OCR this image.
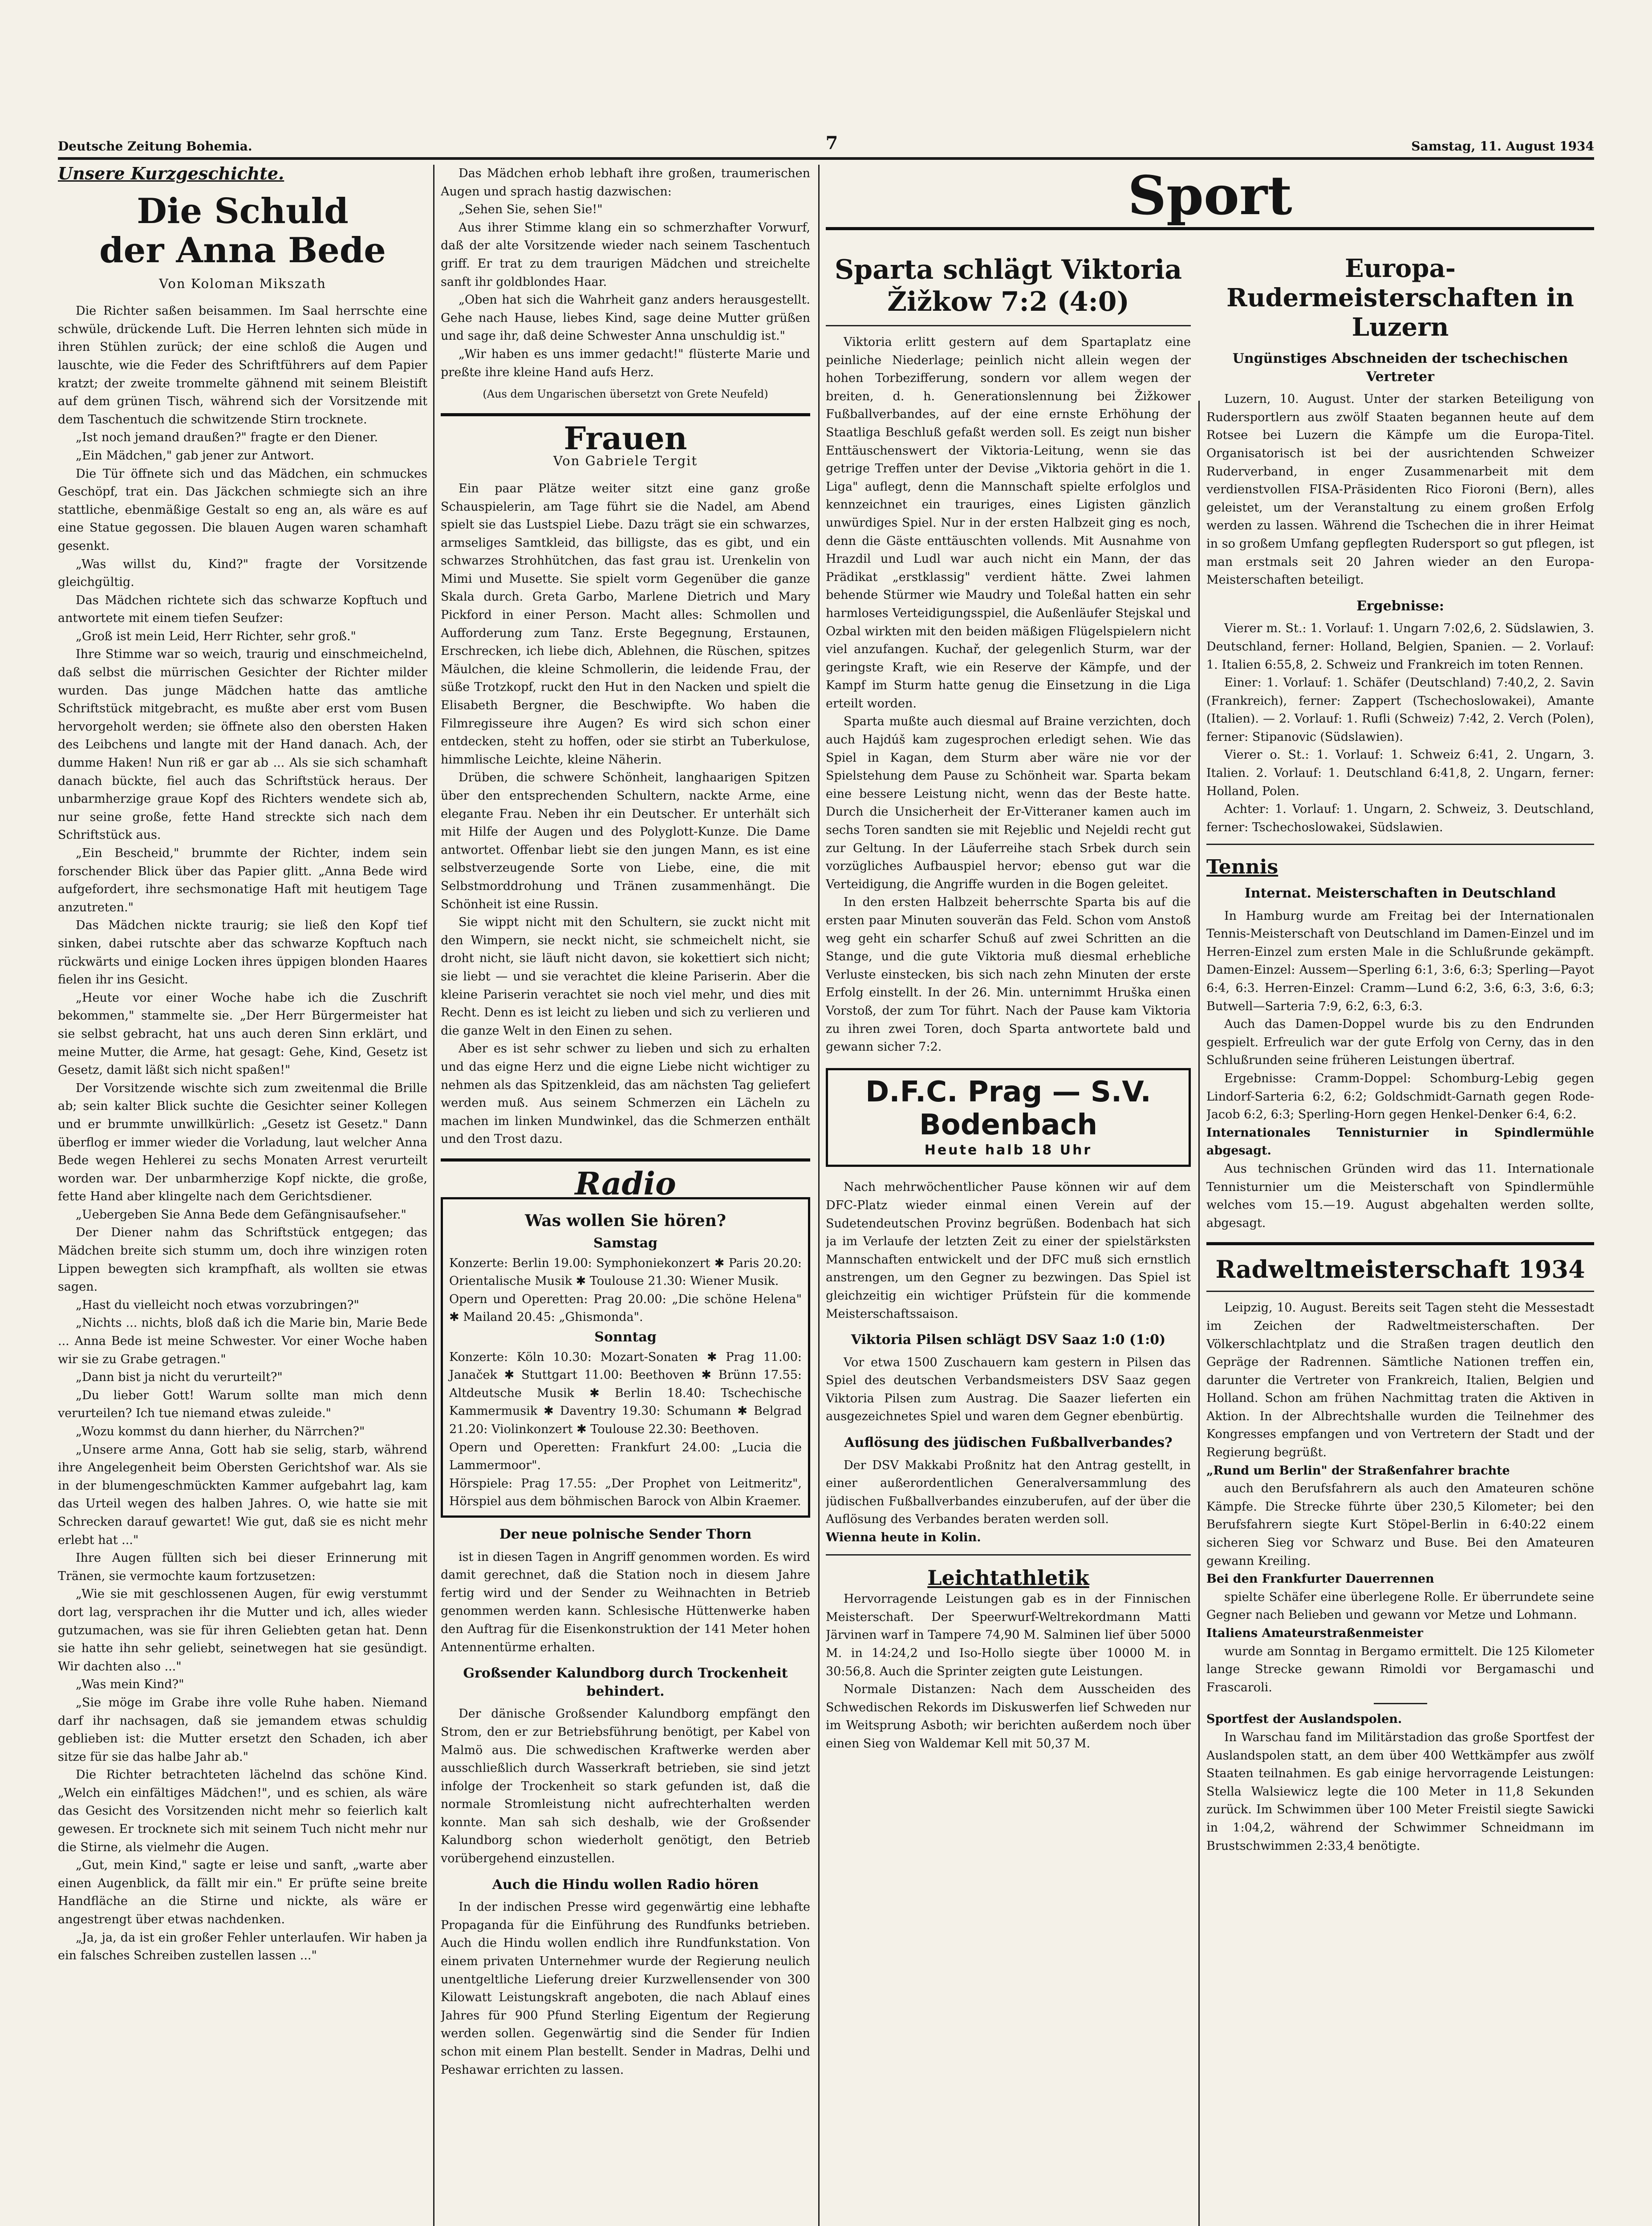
Deutsche Zeitung Bohemia.	7	Samstag, 11. August 1934
Unsere Kurzgeschichte.
Die Schuld
der Anna Bede
Von Koloman Mikszath

Die Richter saßen beisammen. Im Saal herrschte eine schwüle, drückende Luft. Die Herren lehnten sich müde in ihren Stühlen zurück; der eine schloß die Augen und lauschte, wie die Feder des Schriftführers auf dem Papier kratzt; der zweite trommelte gähnend mit seinem Bleistift auf dem grünen Tisch, während sich der Vorsitzende mit dem Taschentuch die schwitzende Stirn trocknete.

„Ist noch jemand draußen?" fragte er den Diener.

„Ein Mädchen," gab jener zur Antwort.

Die Tür öffnete sich und das Mädchen, ein schmuckes Geschöpf, trat ein. Das Jäckchen schmiegte sich an ihre stattliche, ebenmäßige Gestalt so eng an, als wäre es auf eine Statue gegossen. Die blauen Augen waren schamhaft gesenkt.

„Was willst du, Kind?" fragte der Vorsitzende gleichgültig.

Das Mädchen richtete sich das schwarze Kopftuch und antwortete mit einem tiefen Seufzer:

„Groß ist mein Leid, Herr Richter, sehr groß."

Ihre Stimme war so weich, traurig und einschmeichelnd, daß selbst die mürrischen Gesichter der Richter milder wurden. Das junge Mädchen hatte das amtliche Schriftstück mitgebracht, es mußte aber erst vom Busen hervorgeholt werden; sie öffnete also den obersten Haken des Leibchens und langte mit der Hand danach. Ach, der dumme Haken! Nun riß er gar ab ... Als sie sich schamhaft danach bückte, fiel auch das Schriftstück heraus. Der unbarmherzige graue Kopf des Richters wendete sich ab, nur seine große, fette Hand streckte sich nach dem Schriftstück aus.

„Ein Bescheid," brummte der Richter, indem sein forschender Blick über das Papier glitt. „Anna Bede wird aufgefordert, ihre sechsmonatige Haft mit heutigem Tage anzutreten."

Das Mädchen nickte traurig; sie ließ den Kopf tief sinken, dabei rutschte aber das schwarze Kopftuch nach rückwärts und einige Locken ihres üppigen blonden Haares fielen ihr ins Gesicht.

„Heute vor einer Woche habe ich die Zuschrift bekommen," stammelte sie. „Der Herr Bürgermeister hat sie selbst gebracht, hat uns auch deren Sinn erklärt, und meine Mutter, die Arme, hat gesagt: Gehe, Kind, Gesetz ist Gesetz, damit läßt sich nicht spaßen!"

Der Vorsitzende wischte sich zum zweitenmal die Brille ab; sein kalter Blick suchte die Gesichter seiner Kollegen und er brummte unwillkürlich: „Gesetz ist Gesetz." Dann überflog er immer wieder die Vorladung, laut welcher Anna Bede wegen Hehlerei zu sechs Monaten Arrest verurteilt worden war. Der unbarmherzige Kopf nickte, die große, fette Hand aber klingelte nach dem Gerichtsdiener.

„Uebergeben Sie Anna Bede dem Gefängnisaufseher."

Der Diener nahm das Schriftstück entgegen; das Mädchen breite sich stumm um, doch ihre winzigen roten Lippen bewegten sich krampfhaft, als wollten sie etwas sagen.

„Hast du vielleicht noch etwas vorzubringen?"

„Nichts ... nichts, bloß daß ich die Marie bin, Marie Bede ... Anna Bede ist meine Schwester. Vor einer Woche haben wir sie zu Grabe getragen."

„Dann bist ja nicht du verurteilt?"

„Du lieber Gott! Warum sollte man mich denn verurteilen? Ich tue niemand etwas zuleide."

„Wozu kommst du dann hierher, du Närrchen?"

„Unsere arme Anna, Gott hab sie selig, starb, während ihre Angelegenheit beim Obersten Gerichtshof war. Als sie in der blumengeschmückten Kammer aufgebahrt lag, kam das Urteil wegen des halben Jahres. O, wie hatte sie mit Schrecken darauf gewartet! Wie gut, daß sie es nicht mehr erlebt hat ..."

Ihre Augen füllten sich bei dieser Erinnerung mit Tränen, sie vermochte kaum fortzusetzen:

„Wie sie mit geschlossenen Augen, für ewig verstummt dort lag, versprachen ihr die Mutter und ich, alles wieder gutzumachen, was sie für ihren Geliebten getan hat. Denn sie hatte ihn sehr geliebt, seinetwegen hat sie gesündigt. Wir dachten also ..."

„Was mein Kind?"

„Sie möge im Grabe ihre volle Ruhe haben. Niemand darf ihr nachsagen, daß sie jemandem etwas schuldig geblieben ist: die Mutter ersetzt den Schaden, ich aber sitze für sie das halbe Jahr ab."

Die Richter betrachteten lächelnd das schöne Kind. „Welch ein einfältiges Mädchen!", und es schien, als wäre das Gesicht des Vorsitzenden nicht mehr so feierlich kalt gewesen. Er trocknete sich mit seinem Tuch nicht mehr nur die Stirne, als vielmehr die Augen.

„Gut, mein Kind," sagte er leise und sanft, „warte aber einen Augenblick, da fällt mir ein." Er prüfte seine breite Handfläche an die Stirne und nickte, als wäre er angestrengt über etwas nachdenken.

„Ja, ja, da ist ein großer Fehler unterlaufen. Wir haben ja ein falsches Schreiben zustellen lassen ..."

Das Mädchen erhob lebhaft ihre großen, traumerischen Augen und sprach hastig dazwischen:

„Sehen Sie, sehen Sie!"

Aus ihrer Stimme klang ein so schmerzhafter Vorwurf, daß der alte Vorsitzende wieder nach seinem Taschentuch griff. Er trat zu dem traurigen Mädchen und streichelte sanft ihr goldblondes Haar.

„Oben hat sich die Wahrheit ganz anders herausgestellt. Gehe nach Hause, liebes Kind, sage deine Mutter grüßen und sage ihr, daß deine Schwester Anna unschuldig ist."

„Wir haben es uns immer gedacht!" flüsterte Marie und preßte ihre kleine Hand aufs Herz.

(Aus dem Ungarischen übersetzt von Grete Neufeld)
Frauen
Von Gabriele Tergit

Ein paar Plätze weiter sitzt eine ganz große Schauspielerin, am Tage führt sie die Nadel, am Abend spielt sie das Lustspiel Liebe. Dazu trägt sie ein schwarzes, armseliges Samtkleid, das billigste, das es gibt, und ein schwarzes Strohhütchen, das fast grau ist. Urenkelin von Mimi und Musette. Sie spielt vorm Gegenüber die ganze Skala durch. Greta Garbo, Marlene Dietrich und Mary Pickford in einer Person. Macht alles: Schmollen und Aufforderung zum Tanz. Erste Begegnung, Erstaunen, Erschrecken, ich liebe dich, Ablehnen, die Rüschen, spitzes Mäulchen, die kleine Schmollerin, die leidende Frau, der süße Trotzkopf, ruckt den Hut in den Nacken und spielt die Elisabeth Bergner, die Beschwipfte. Wo haben die Filmregisseure ihre Augen? Es wird sich schon einer entdecken, steht zu hoffen, oder sie stirbt an Tuberkulose, himmlische Leichte, kleine Näherin.

Drüben, die schwere Schönheit, langhaarigen Spitzen über den entsprechenden Schultern, nackte Arme, eine elegante Frau. Neben ihr ein Deutscher. Er unterhält sich mit Hilfe der Augen und des Polyglott-Kunze. Die Dame antwortet. Offenbar liebt sie den jungen Mann, es ist eine selbstverzeugende Sorte von Liebe, eine, die mit Selbstmorddrohung und Tränen zusammenhängt. Die Schönheit ist eine Russin.

Sie wippt nicht mit den Schultern, sie zuckt nicht mit den Wimpern, sie neckt nicht, sie schmeichelt nicht, sie droht nicht, sie läuft nicht davon, sie kokettiert sich nicht; sie liebt — und sie verachtet die kleine Pariserin. Aber die kleine Pariserin verachtet sie noch viel mehr, und dies mit Recht. Denn es ist leicht zu lieben und sich zu verlieren und die ganze Welt in den Einen zu sehen.

Aber es ist sehr schwer zu lieben und sich zu erhalten und das eigne Herz und die eigne Liebe nicht wichtiger zu nehmen als das Spitzenkleid, das am nächsten Tag geliefert werden muß. Aus seinem Schmerzen ein Lächeln zu machen im linken Mundwinkel, das die Schmerzen enthält und den Trost dazu.

Radio
Was wollen Sie hören?
Samstag

Konzerte: Berlin 19.00: Symphoniekonzert ✱ Paris 20.20: Orientalische Musik ✱ Toulouse 21.30: Wiener Musik.

Opern und Operetten: Prag 20.00: „Die schöne Helena" ✱ Mailand 20.45: „Ghismonda".

Sonntag

Konzerte: Köln 10.30: Mozart-Sonaten ✱ Prag 11.00: Janaček ✱ Stuttgart 11.00: Beethoven ✱ Brünn 17.55: Altdeutsche Musik ✱ Berlin 18.40: Tschechische Kammermusik ✱ Daventry 19.30: Schumann ✱ Belgrad 21.20: Violinkonzert ✱ Toulouse 22.30: Beethoven.

Opern und Operetten: Frankfurt 24.00: „Lucia die Lammermoor".

Hörspiele: Prag 17.55: „Der Prophet von Leitmeritz", Hörspiel aus dem böhmischen Barock von Albin Kraemer.

Der neue polnische Sender Thorn

ist in diesen Tagen in Angriff genommen worden. Es wird damit gerechnet, daß die Station noch in diesem Jahre fertig wird und der Sender zu Weihnachten in Betrieb genommen werden kann. Schlesische Hüttenwerke haben den Auftrag für die Eisenkonstruktion der 141 Meter hohen Antennentürme erhalten.

Großsender Kalundborg durch Trockenheit behindert.

Der dänische Großsender Kalundborg empfängt den Strom, den er zur Betriebsführung benötigt, per Kabel von Malmö aus. Die schwedischen Kraftwerke werden aber ausschließlich durch Wasserkraft betrieben, sie sind jetzt infolge der Trockenheit so stark gefunden ist, daß die normale Stromleistung nicht aufrechterhalten werden konnte. Man sah sich deshalb, wie der Großsender Kalundborg schon wiederholt genötigt, den Betrieb vorübergehend einzustellen.

Auch die Hindu wollen Radio hören

In der indischen Presse wird gegenwärtig eine lebhafte Propaganda für die Einführung des Rundfunks betrieben. Auch die Hindu wollen endlich ihre Rundfunkstation. Von einem privaten Unternehmer wurde der Regierung neulich unentgeltliche Lieferung dreier Kurzwellensender von 300 Kilowatt Leistungskraft angeboten, die nach Ablauf eines Jahres für 900 Pfund Sterling Eigentum der Regierung werden sollen. Gegenwärtig sind die Sender für Indien schon mit einem Plan bestellt. Sender in Madras, Delhi und Peshawar errichten zu lassen.

Sport
Sparta schlägt Viktoria Žižkow 7:2 (4:0)

Viktoria erlitt gestern auf dem Spartaplatz eine peinliche Niederlage; peinlich nicht allein wegen der hohen Torbezifferung, sondern vor allem wegen der breiten, d. h. Generationslennung bei Žižkower Fußballverbandes, auf der eine ernste Erhöhung der Staatliga Beschluß gefaßt werden soll. Es zeigt nun bisher Enttäuschenswert der Viktoria-Leitung, wenn sie das getrige Treffen unter der Devise „Viktoria gehört in die 1. Liga" auflegt, denn die Mannschaft spielte erfolglos und kennzeichnet ein trauriges, eines Ligisten gänzlich unwürdiges Spiel. Nur in der ersten Halbzeit ging es noch, denn die Gäste enttäuschten vollends. Mit Ausnahme von Hrazdil und Ludl war auch nicht ein Mann, der das Prädikat „erstklassig" verdient hätte. Zwei lahmen behende Stürmer wie Maudry und Toleßal hatten ein sehr harmloses Verteidigungsspiel, die Außenläufer Stejskal und Ozbal wirkten mit den beiden mäßigen Flügelspielern nicht viel anzufangen. Kuchař, der gelegenlich Sturm, war der geringste Kraft, wie ein Reserve der Kämpfe, und der Kampf im Sturm hatte genug die Einsetzung in die Liga erteilt worden.

Sparta mußte auch diesmal auf Braine verzichten, doch auch Hajdúš kam zugesprochen erledigt sehen. Wie das Spiel in Kagan, dem Sturm aber wäre nie vor der Spielstehung dem Pause zu Schönheit war. Sparta bekam eine bessere Leistung nicht, wenn das der Beste hatte. Durch die Unsicherheit der Er-Vitteraner kamen auch im sechs Toren sandten sie mit Rejeblic und Nejeldi recht gut zur Geltung. In der Läuferreihe stach Srbek durch sein vorzügliches Aufbauspiel hervor; ebenso gut war die Verteidigung, die Angriffe wurden in die Bogen geleitet.

In den ersten Halbzeit beherrschte Sparta bis auf die ersten paar Minuten souverän das Feld. Schon vom Anstoß weg geht ein scharfer Schuß auf zwei Schritten an die Stange, und die gute Viktoria muß diesmal erhebliche Verluste einstecken, bis sich nach zehn Minuten der erste Erfolg einstellt. In der 26. Min. unternimmt Hruška einen Vorstoß, der zum Tor führt. Nach der Pause kam Viktoria zu ihren zwei Toren, doch Sparta antwortete bald und gewann sicher 7:2.

D.F.C. Prag — S.V. Bodenbach
Heute halb 18 Uhr

Nach mehrwöchentlicher Pause können wir auf dem DFC-Platz wieder einmal einen Verein auf der Sudetendeutschen Provinz begrüßen. Bodenbach hat sich ja im Verlaufe der letzten Zeit zu einer der spielstärksten Mannschaften entwickelt und der DFC muß sich ernstlich anstrengen, um den Gegner zu bezwingen. Das Spiel ist gleichzeitig ein wichtiger Prüfstein für die kommende Meisterschaftssaison.

Viktoria Pilsen schlägt DSV Saaz 1:0 (1:0)

Vor etwa 1500 Zuschauern kam gestern in Pilsen das Spiel des deutschen Verbandsmeisters DSV Saaz gegen Viktoria Pilsen zum Austrag. Die Saazer lieferten ein ausgezeichnetes Spiel und waren dem Gegner ebenbürtig.

Auflösung des jüdischen Fußballverbandes?

Der DSV Makkabi Proßnitz hat den Antrag gestellt, in einer außerordentlichen Generalversammlung des jüdischen Fußballverbandes einzuberufen, auf der über die Auflösung des Verbandes beraten werden soll.

Wienna heute in Kolin.

Leichtathletik

Hervorragende Leistungen gab es in der Finnischen Meisterschaft. Der Speerwurf-Weltrekordmann Matti Järvinen warf in Tampere 74,90 M. Salminen lief über 5000 M. in 14:24,2 und Iso-Hollo siegte über 10000 M. in 30:56,8. Auch die Sprinter zeigten gute Leistungen.

Normale Distanzen: Nach dem Ausscheiden des Schwedischen Rekords im Diskuswerfen lief Schweden nur im Weitsprung Asboth; wir berichten außerdem noch über einen Sieg von Waldemar Kell mit 50,37 M.

Europa-Rudermeisterschaften in Luzern
Ungünstiges Abschneiden der tschechischen Vertreter

Luzern, 10. August. Unter der starken Beteiligung von Rudersportlern aus zwölf Staaten begannen heute auf dem Rotsee bei Luzern die Kämpfe um die Europa-Titel. Organisatorisch ist bei der ausrichtenden Schweizer Ruderverband, in enger Zusammenarbeit mit dem verdienstvollen FISA-Präsidenten Rico Fioroni (Bern), alles geleistet, um der Veranstaltung zu einem großen Erfolg werden zu lassen. Während die Tschechen die in ihrer Heimat in so großem Umfang gepflegten Rudersport so gut pflegen, ist man erstmals seit 20 Jahren wieder an den Europa-Meisterschaften beteiligt.

Ergebnisse:

Vierer m. St.: 1. Vorlauf: 1. Ungarn 7:02,6, 2. Südslawien, 3. Deutschland, ferner: Holland, Belgien, Spanien. — 2. Vorlauf: 1. Italien 6:55,8, 2. Schweiz und Frankreich im toten Rennen.

Einer: 1. Vorlauf: 1. Schäfer (Deutschland) 7:40,2, 2. Savin (Frankreich), ferner: Zappert (Tschechoslowakei), Amante (Italien). — 2. Vorlauf: 1. Rufli (Schweiz) 7:42, 2. Verch (Polen), ferner: Stipanovic (Südslawien).

Vierer o. St.: 1. Vorlauf: 1. Schweiz 6:41, 2. Ungarn, 3. Italien. 2. Vorlauf: 1. Deutschland 6:41,8, 2. Ungarn, ferner: Holland, Polen.

Achter: 1. Vorlauf: 1. Ungarn, 2. Schweiz, 3. Deutschland, ferner: Tschechoslowakei, Südslawien.

Tennis
Internat. Meisterschaften in Deutschland

In Hamburg wurde am Freitag bei der Internationalen Tennis-Meisterschaft von Deutschland im Damen-Einzel und im Herren-Einzel zum ersten Male in die Schlußrunde gekämpft. Damen-Einzel: Aussem—Sperling 6:1, 3:6, 6:3; Sperling—Payot 6:4, 6:3. Herren-Einzel: Cramm—Lund 6:2, 3:6, 6:3, 3:6, 6:3; Butwell—Sarteria 7:9, 6:2, 6:3, 6:3.

Auch das Damen-Doppel wurde bis zu den Endrunden gespielt. Erfreulich war der gute Erfolg von Cerny, das in den Schlußrunden seine früheren Leistungen übertraf.

Ergebnisse: Cramm-Doppel: Schomburg-Lebig gegen Lindorf-Sarteria 6:2, 6:2; Goldschmidt-Garnath gegen Rode-Jacob 6:2, 6:3; Sperling-Horn gegen Henkel-Denker 6:4, 6:2.

Internationales Tennisturnier in Spindlermühle abgesagt.

Aus technischen Gründen wird das 11. Internationale Tennisturnier um die Meisterschaft von Spindlermühle welches vom 15.—19. August abgehalten werden sollte, abgesagt.

Radweltmeisterschaft 1934

Leipzig, 10. August. Bereits seit Tagen steht die Messestadt im Zeichen der Radweltmeisterschaften. Der Völkerschlachtplatz und die Straßen tragen deutlich den Gepräge der Radrennen. Sämtliche Nationen treffen ein, darunter die Vertreter von Frankreich, Italien, Belgien und Holland. Schon am frühen Nachmittag traten die Aktiven in Aktion. In der Albrechtshalle wurden die Teilnehmer des Kongresses empfangen und von Vertretern der Stadt und der Regierung begrüßt.

„Rund um Berlin" der Straßenfahrer brachte

auch den Berufsfahrern als auch den Amateuren schöne Kämpfe. Die Strecke führte über 230,5 Kilometer; bei den Berufsfahrern siegte Kurt Stöpel-Berlin in 6:40:22 einem sicheren Sieg vor Schwarz und Buse. Bei den Amateuren gewann Kreiling.

Bei den Frankfurter Dauerrennen

spielte Schäfer eine überlegene Rolle. Er überrundete seine Gegner nach Belieben und gewann vor Metze und Lohmann.

Italiens Amateurstraßenmeister

wurde am Sonntag in Bergamo ermittelt. Die 125 Kilometer lange Strecke gewann Rimoldi vor Bergamaschi und Frascaroli.

Sportfest der Auslandspolen.

In Warschau fand im Militärstadion das große Sportfest der Auslandspolen statt, an dem über 400 Wettkämpfer aus zwölf Staaten teilnahmen. Es gab einige hervorragende Leistungen: Stella Walsiewicz legte die 100 Meter in 11,8 Sekunden zurück. Im Schwimmen über 100 Meter Freistil siegte Sawicki in 1:04,2, während der Schwimmer Schneidmann im Brustschwimmen 2:33,4 benötigte.
